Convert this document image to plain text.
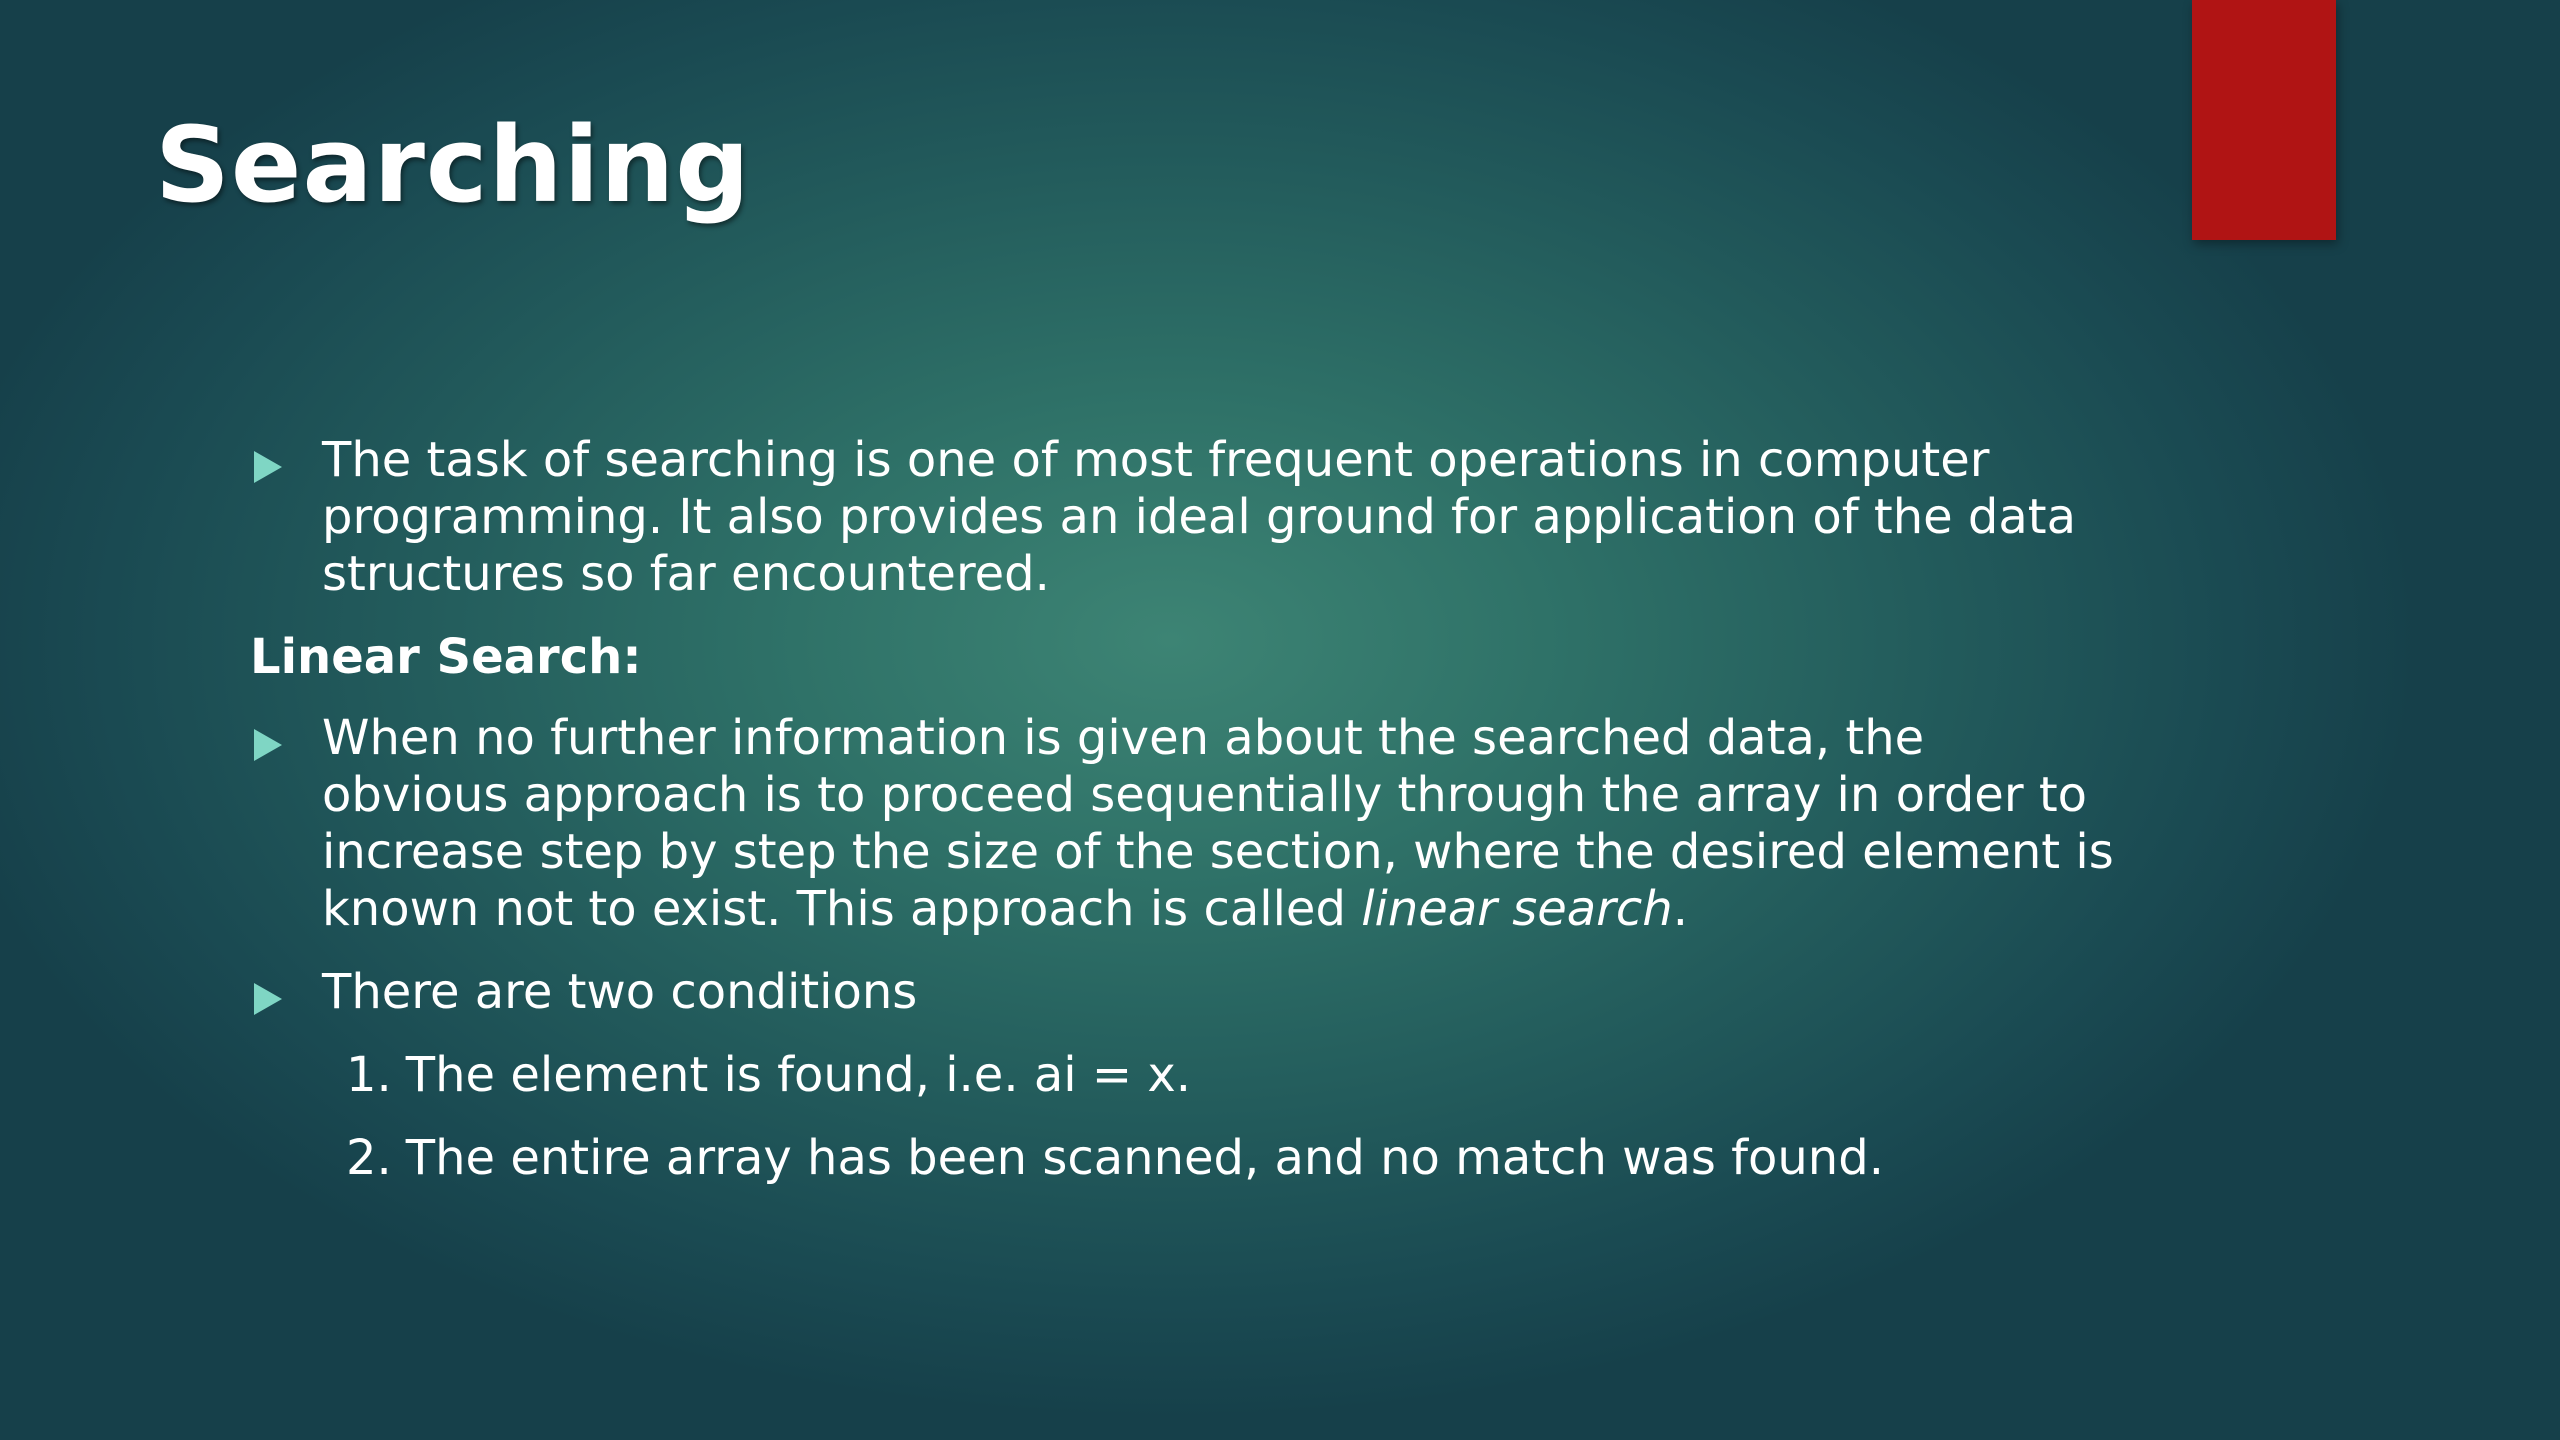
Searching

The task of searching is one of most frequent operations in computer programming. It also provides an ideal ground for application of the data structures so far encountered.

Linear Search:

When no further information is given about the searched data, the obvious approach is to proceed sequentially through the array in order to increase step by step the size of the section, where the desired element is known not to exist. This approach is called linear search.

There are two conditions

1. The element is found, i.e. ai = x.
2. The entire array has been scanned, and no match was found.
